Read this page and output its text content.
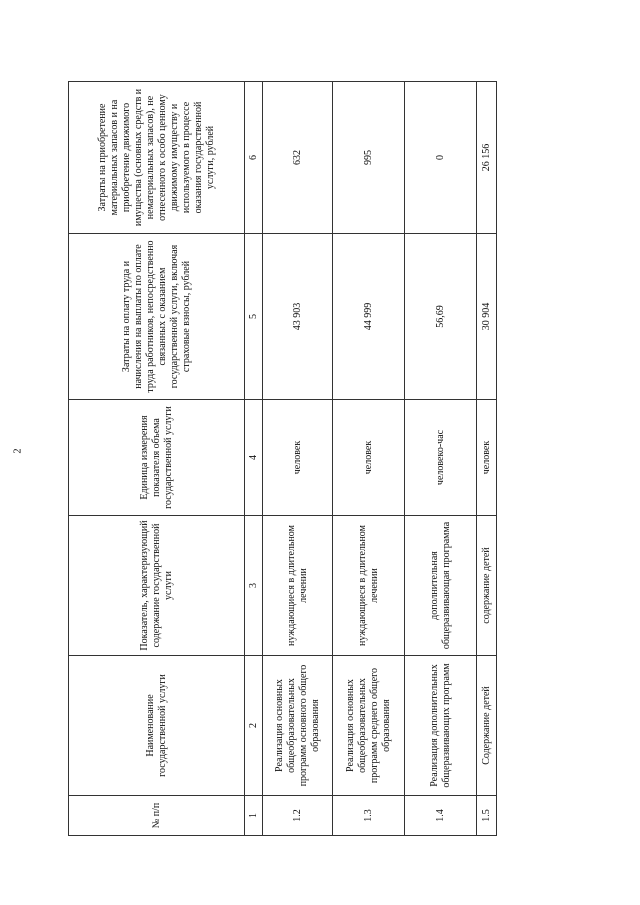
2
№ п/п	Наименование государственной услуги	Показатель, характеризующий содержание государственной услуги	Единица измерения показателя объема государственной услуги	Затраты на оплату труда и начисления на выплаты по оплате труда работников, непосредственно связанных с оказанием государственной услуги, включая страховые взносы, рублей	Затраты на приобретение материальных запасов и на приобретение движимого имущества (основных средств и нематериальных запасов), не отнесенного к особо ценному движимому имуществу и используемого в процессе оказания государственной услуги, рублей
1	2	3	4	5	6
1.2	Реализация основных общеобразовательных программ основного общего образования	нуждающиеся в длительном лечении	человек	43 903	632
1.3	Реализация основных общеобразовательных программ среднего общего образования	нуждающиеся в длительном лечении	человек	44 999	995
1.4	Реализация дополнительных общеразвивающих программ	дополнительная общеразвивающая программа	человеко-час	56,69	0
1.5	Содержание детей	содержание детей	человек	30 904	26 156
